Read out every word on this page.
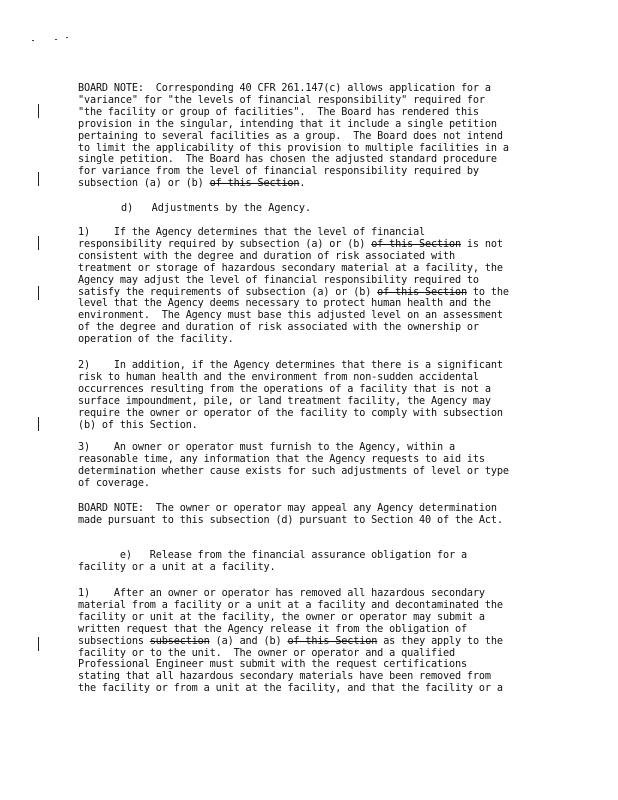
BOARD NOTE:  Corresponding 40 CFR 261.147(c) allows application for a
"variance" for "the levels of financial responsibility" required for
"the facility or group of facilities".  The Board has rendered this
provision in the singular, intending that it include a single petition
pertaining to several facilities as a group.  The Board does not intend
to limit the applicability of this provision to multiple facilities in a
single petition.  The Board has chosen the adjusted standard procedure
for variance from the level of financial responsibility required by
subsection (a) or (b) of this Section.
d)   Adjustments by the Agency.
1)    If the Agency determines that the level of financial
responsibility required by subsection (a) or (b) of this Section is not
consistent with the degree and duration of risk associated with
treatment or storage of hazardous secondary material at a facility, the
Agency may adjust the level of financial responsibility required to
satisfy the requirements of subsection (a) or (b) of this Section to the
level that the Agency deems necessary to protect human health and the
environment.  The Agency must base this adjusted level on an assessment
of the degree and duration of risk associated with the ownership or
operation of the facility.
2)    In addition, if the Agency determines that there is a significant
risk to human health and the environment from non-sudden accidental
occurrences resulting from the operations of a facility that is not a
surface impoundment, pile, or land treatment facility, the Agency may
require the owner or operator of the facility to comply with subsection
(b) of this Section.
3)    An owner or operator must furnish to the Agency, within a
reasonable time, any information that the Agency requests to aid its
determination whether cause exists for such adjustments of level or type
of coverage.
BOARD NOTE:  The owner or operator may appeal any Agency determination
made pursuant to this subsection (d) pursuant to Section 40 of the Act.
e)   Release from the financial assurance obligation for a
facility or a unit at a facility.
1)    After an owner or operator has removed all hazardous secondary
material from a facility or a unit at a facility and decontaminated the
facility or unit at the facility, the owner or operator may submit a
written request that the Agency release it from the obligation of
subsections subsection (a) and (b) of this Section as they apply to the
facility or to the unit.  The owner or operator and a qualified
Professional Engineer must submit with the request certifications
stating that all hazardous secondary materials have been removed from
the facility or from a unit at the facility, and that the facility or a
